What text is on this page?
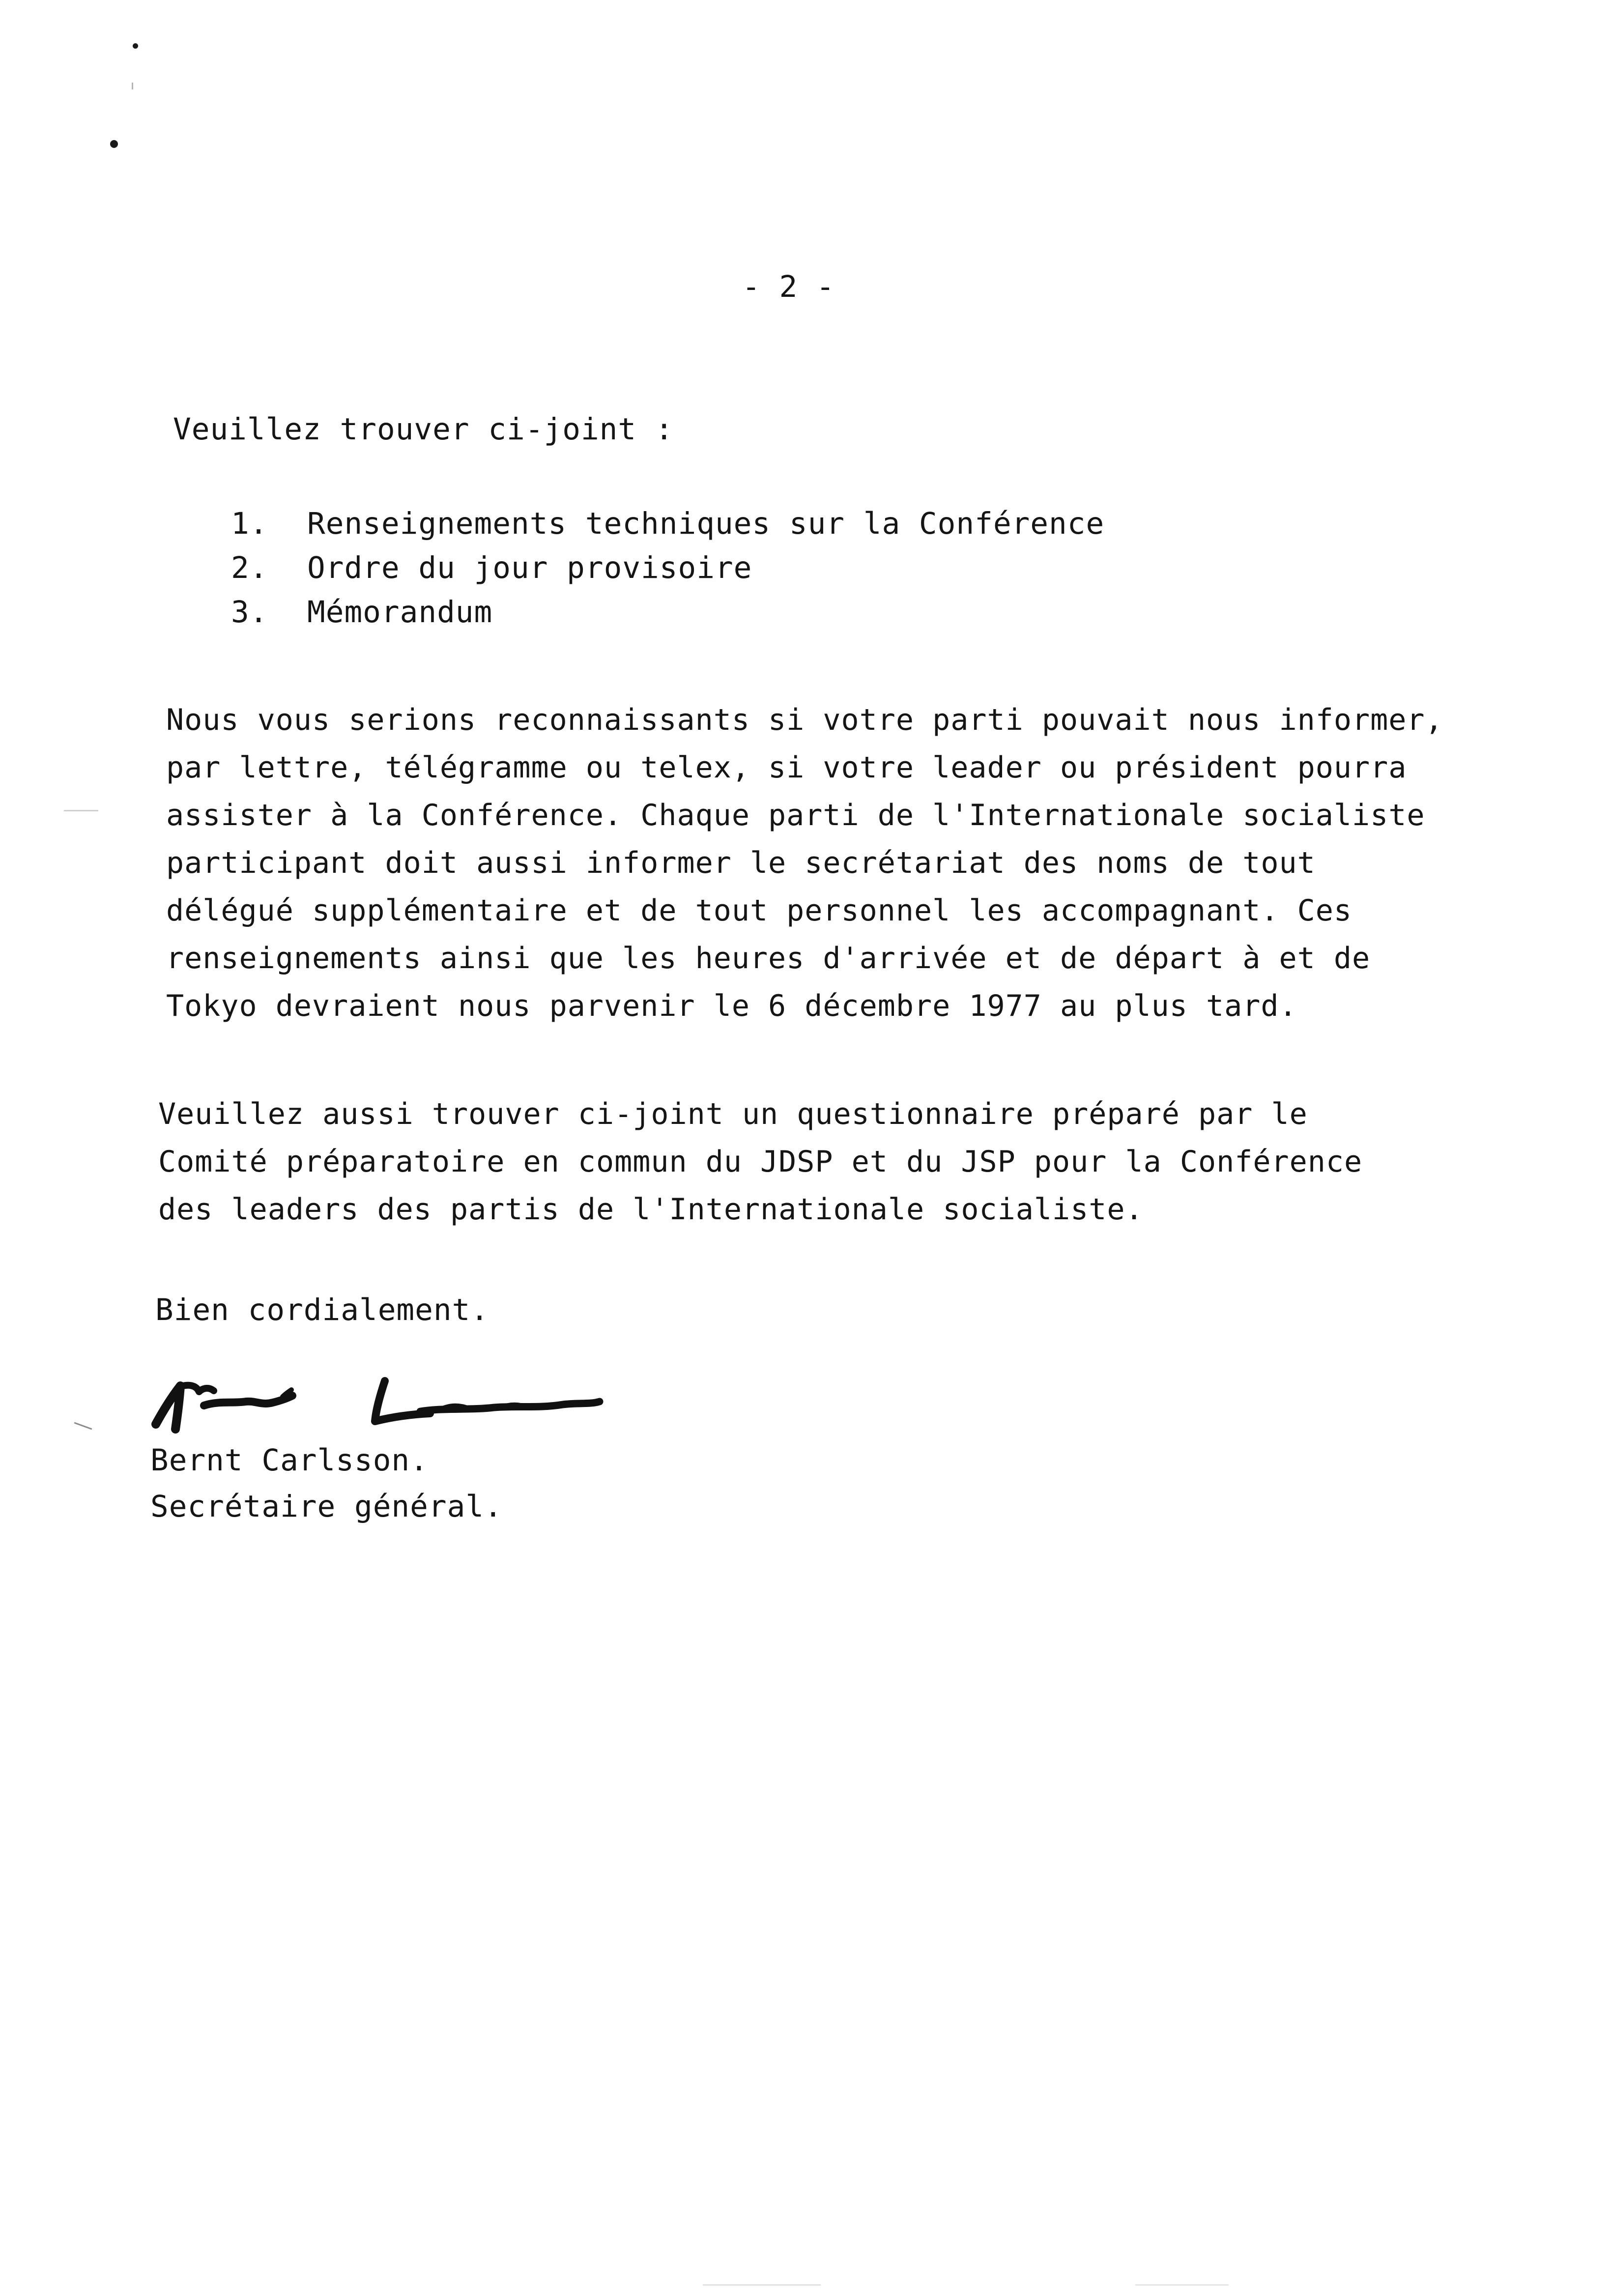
- 2 -

Veuillez trouver ci-joint :

1. Renseignements techniques sur la Conférence
2. Ordre du jour provisoire
3. Mémorandum
Nous vous serions reconnaissants si votre parti pouvait nous informer,
par lettre, télégramme ou telex, si votre leader ou président pourra
assister à la Conférence. Chaque parti de l'Internationale socialiste
participant doit aussi informer le secrétariat des noms de tout
délégué supplémentaire et de tout personnel les accompagnant. Ces
renseignements ainsi que les heures d'arrivée et de départ à et de
Tokyo devraient nous parvenir le 6 décembre 1977 au plus tard.
Veuillez aussi trouver ci-joint un questionnaire préparé par le
Comité préparatoire en commun du JDSP et du JSP pour la Conférence
des leaders des partis de l'Internationale socialiste.

Bien cordialement.

Bernt Carlsson.

Secrétaire général.
